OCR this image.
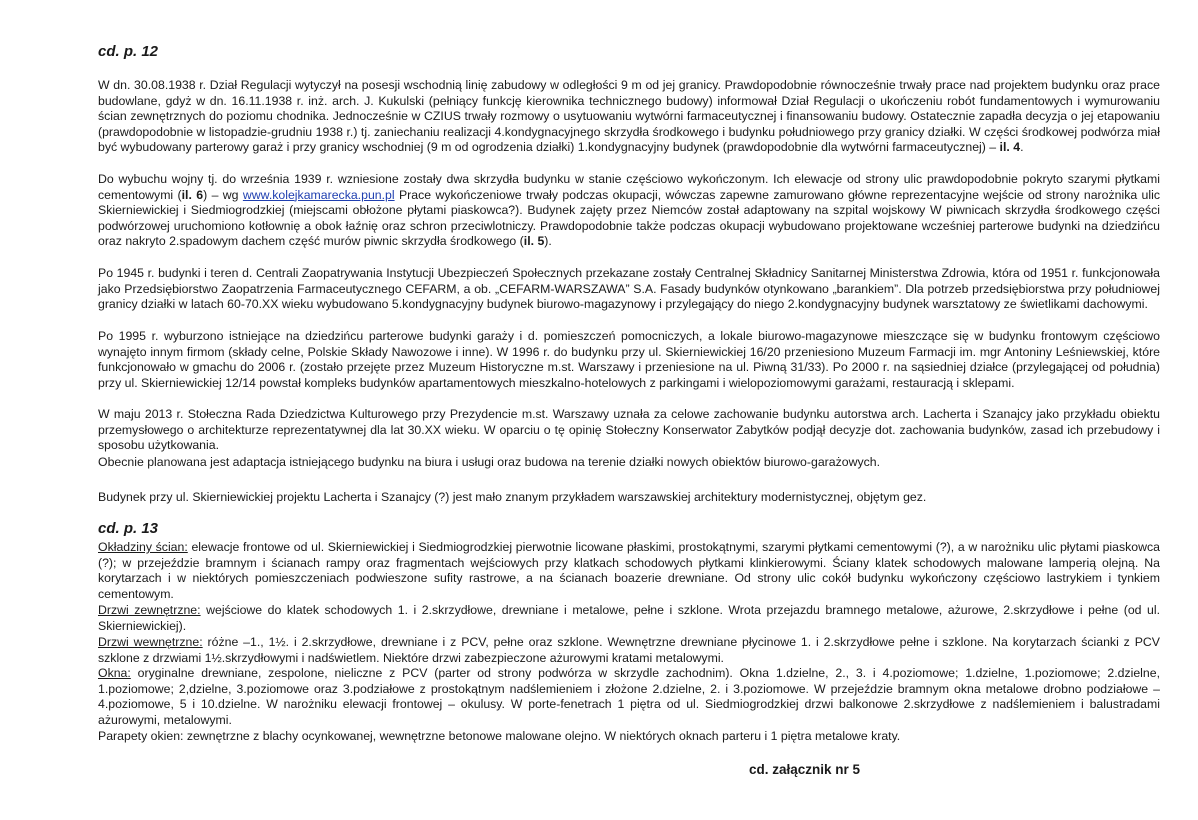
cd. p. 12

W dn. 30.08.1938 r. Dział Regulacji wytyczył na posesji wschodnią linię zabudowy w odległości 9 m od jej granicy. Prawdopodobnie równocześnie trwały prace nad projektem budynku oraz prace budowlane, gdyż w dn. 16.11.1938 r. inż. arch. J. Kukulski (pełniący funkcję kierownika technicznego budowy) informował Dział Regulacji o ukończeniu robót fundamentowych i wymurowaniu ścian zewnętrznych do poziomu chodnika. Jednocześnie w CZIUS trwały rozmowy o usytuowaniu wytwórni farmaceutycznej i finansowaniu budowy. Ostatecznie zapadła decyzja o jej etapowaniu (prawdopodobnie w listopadzie-grudniu 1938 r.) tj. zaniechaniu realizacji 4.kondygnacyjnego skrzydła środkowego i budynku południowego przy granicy działki. W części środkowej podwórza miał być wybudowany parterowy garaż i przy granicy wschodniej (9 m od ogrodzenia działki) 1.kondygnacyjny budynek (prawdopodobnie dla wytwórni farmaceutycznej) – il. 4.

Do wybuchu wojny tj. do września 1939 r. wzniesione zostały dwa skrzydła budynku w stanie częściowo wykończonym. Ich elewacje od strony ulic prawdopodobnie pokryto szarymi płytkami cementowymi (il. 6) – wg www.kolejkamarecka.pun.pl Prace wykończeniowe trwały podczas okupacji, wówczas zapewne zamurowano główne reprezentacyjne wejście od strony narożnika ulic Skierniewickiej i Siedmiogrodzkiej (miejscami obłożone płytami piaskowca?). Budynek zajęty przez Niemców został adaptowany na szpital wojskowy W piwnicach skrzydła środkowego części podwórzowej uruchomiono kotłownię a obok łaźnię oraz schron przeciwlotniczy. Prawdopodobnie także podczas okupacji wybudowano projektowane wcześniej parterowe budynki na dziedzińcu oraz nakryto 2.spadowym dachem część murów piwnic skrzydła środkowego (il. 5).

Po 1945 r. budynki i teren d. Centrali Zaopatrywania Instytucji Ubezpieczeń Społecznych przekazane zostały Centralnej Składnicy Sanitarnej Ministerstwa Zdrowia, która od 1951 r. funkcjonowała jako Przedsiębiorstwo Zaopatrzenia Farmaceutycznego CEFARM, a ob. „CEFARM-WARSZAWA” S.A. Fasady budynków otynkowano „barankiem”. Dla potrzeb przedsiębiorstwa przy południowej granicy działki w latach 60-70.XX wieku wybudowano 5.kondygnacyjny budynek biurowo-magazynowy i przylegający do niego 2.kondygnacyjny budynek warsztatowy ze świetlikami dachowymi.

Po 1995 r. wyburzono istniejące na dziedzińcu parterowe budynki garaży i d. pomieszczeń pomocniczych, a lokale biurowo-magazynowe mieszczące się w budynku frontowym częściowo wynajęto innym firmom (składy celne, Polskie Składy Nawozowe i inne). W 1996 r. do budynku przy ul. Skierniewickiej 16/20 przeniesiono Muzeum Farmacji im. mgr Antoniny Leśniewskiej, które funkcjonowało w gmachu do 2006 r. (zostało przejęte przez Muzeum Historyczne m.st. Warszawy i przeniesione na ul. Piwną 31/33). Po 2000 r. na sąsiedniej działce (przylegającej od południa) przy ul. Skierniewickiej 12/14 powstał kompleks budynków apartamentowych mieszkalno-hotelowych z parkingami i wielopoziomowymi garażami, restauracją i sklepami.

W maju 2013 r. Stołeczna Rada Dziedzictwa Kulturowego przy Prezydencie m.st. Warszawy uznała za celowe zachowanie budynku autorstwa arch. Lacherta i Szanajcy jako przykładu obiektu przemysłowego o architekturze reprezentatywnej dla lat 30.XX wieku. W oparciu o tę opinię Stołeczny Konserwator Zabytków podjął decyzje dot. zachowania budynków, zasad ich przebudowy i sposobu użytkowania.

Obecnie planowana jest adaptacja istniejącego budynku na biura i usługi oraz budowa na terenie działki nowych obiektów biurowo-garażowych.

Budynek przy ul. Skierniewickiej projektu Lacherta i Szanajcy (?) jest mało znanym przykładem warszawskiej architektury modernistycznej, objętym gez.

cd. p. 13

Okładziny ścian: elewacje frontowe od ul. Skierniewickiej i Siedmiogrodzkiej pierwotnie licowane płaskimi, prostokątnymi, szarymi płytkami cementowymi (?), a w narożniku ulic płytami piaskowca (?); w przejeździe bramnym i ścianach rampy oraz fragmentach wejściowych przy klatkach schodowych płytkami klinkierowymi. Ściany klatek schodowych malowane lamperią olejną. Na korytarzach i w niektórych pomieszczeniach podwieszone sufity rastrowe, a na ścianach boazerie drewniane. Od strony ulic cokół budynku wykończony częściowo lastrykiem i tynkiem cementowym.

Drzwi zewnętrzne: wejściowe do klatek schodowych 1. i 2.skrzydłowe, drewniane i metalowe, pełne i szklone. Wrota przejazdu bramnego metalowe, ażurowe, 2.skrzydłowe i pełne (od ul. Skierniewickiej).

Drzwi wewnętrzne: różne –1., 1½. i 2.skrzydłowe, drewniane i z PCV, pełne oraz szklone. Wewnętrzne drewniane płycinowe 1. i 2.skrzydłowe pełne i szklone. Na korytarzach ścianki z PCV szklone z drzwiami 1½.skrzydłowymi i nadświetlem. Niektóre drzwi zabezpieczone ażurowymi kratami metalowymi.

Okna: oryginalne drewniane, zespolone, nieliczne z PCV (parter od strony podwórza w skrzydle zachodnim). Okna 1.dzielne, 2., 3. i 4.poziomowe; 1.dzielne, 1.poziomowe; 2.dzielne, 1.poziomowe; 2,dzielne, 3.poziomowe oraz 3.podziałowe z prostokątnym nadślemieniem i złożone 2.dzielne, 2. i 3.poziomowe. W przejeździe bramnym okna metalowe drobno podziałowe – 4.poziomowe, 5 i 10.dzielne. W narożniku elewacji frontowej – okulusy. W porte-fenetrach 1 piętra od ul. Siedmiogrodzkiej drzwi balkonowe 2.skrzydłowe z nadślemieniem i balustradami ażurowymi, metalowymi.

Parapety okien: zewnętrzne z blachy ocynkowanej, wewnętrzne betonowe malowane olejno. W niektórych oknach parteru i 1 piętra metalowe kraty.

cd. załącznik nr 5
